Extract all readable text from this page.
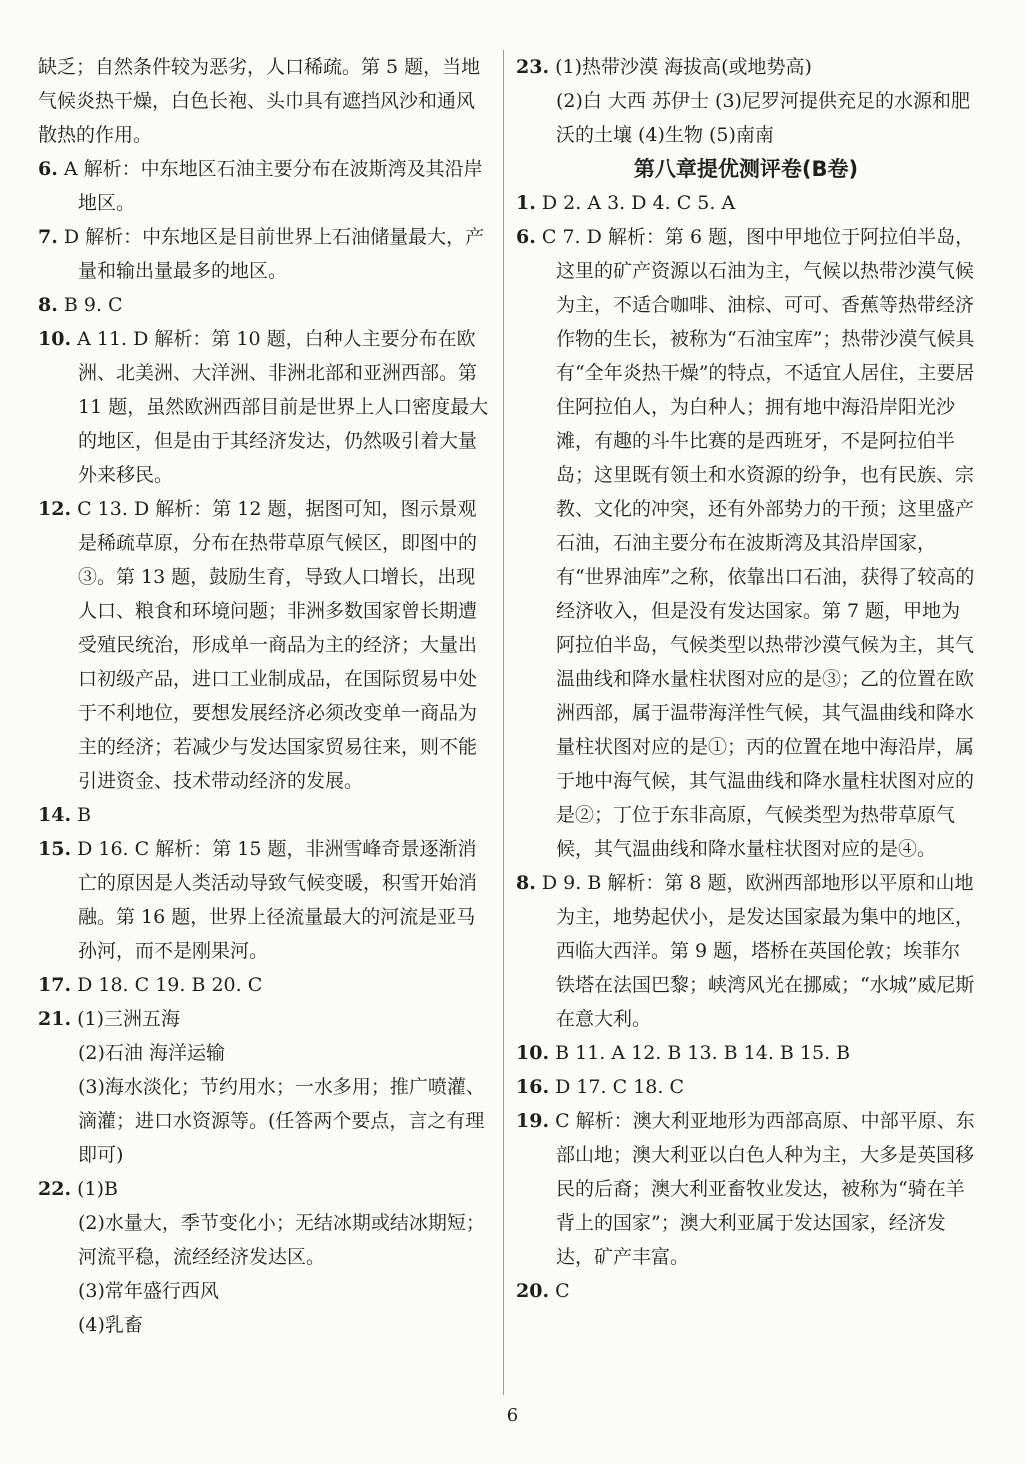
缺乏；自然条件较为恶劣，人口稀疏。第 5 题，当地气候炎热干燥，白色长袍、头巾具有遮挡风沙和通风散热的作用。

6. A 解析：中东地区石油主要分布在波斯湾及其沿岸地区。

7. D 解析：中东地区是目前世界上石油储量最大，产量和输出量最多的地区。

8. B 9. C

10. A 11. D 解析：第 10 题，白种人主要分布在欧洲、北美洲、大洋洲、非洲北部和亚洲西部。第 11 题，虽然欧洲西部目前是世界上人口密度最大的地区，但是由于其经济发达，仍然吸引着大量外来移民。

12. C 13. D 解析：第 12 题，据图可知，图示景观是稀疏草原，分布在热带草原气候区，即图中的③。第 13 题，鼓励生育，导致人口增长，出现人口、粮食和环境问题；非洲多数国家曾长期遭受殖民统治，形成单一商品为主的经济；大量出口初级产品，进口工业制成品，在国际贸易中处于不利地位，要想发展经济必须改变单一商品为主的经济；若减少与发达国家贸易往来，则不能引进资金、技术带动经济的发展。

14. B

15. D 16. C 解析：第 15 题，非洲雪峰奇景逐渐消亡的原因是人类活动导致气候变暖，积雪开始消融。第 16 题，世界上径流量最大的河流是亚马孙河，而不是刚果河。

17. D 18. C 19. B 20. C

21. (1)三洲五海

(2)石油 海洋运输

(3)海水淡化；节约用水；一水多用；推广喷灌、滴灌；进口水资源等。(任答两个要点，言之有理即可)

22. (1)B

(2)水量大，季节变化小；无结冰期或结冰期短；河流平稳，流经经济发达区。

(3)常年盛行西风

(4)乳畜

23. (1)热带沙漠 海拔高(或地势高)

(2)白 大西 苏伊士 (3)尼罗河提供充足的水源和肥沃的土壤 (4)生物 (5)南南

第八章提优测评卷(B卷)

1. D 2. A 3. D 4. C 5. A

6. C 7. D 解析：第 6 题，图中甲地位于阿拉伯半岛，这里的矿产资源以石油为主，气候以热带沙漠气候为主，不适合咖啡、油棕、可可、香蕉等热带经济作物的生长，被称为“石油宝库”；热带沙漠气候具有“全年炎热干燥”的特点，不适宜人居住，主要居住阿拉伯人，为白种人；拥有地中海沿岸阳光沙滩，有趣的斗牛比赛的是西班牙，不是阿拉伯半岛；这里既有领土和水资源的纷争，也有民族、宗教、文化的冲突，还有外部势力的干预；这里盛产石油，石油主要分布在波斯湾及其沿岸国家，有“世界油库”之称，依靠出口石油，获得了较高的经济收入，但是没有发达国家。第 7 题，甲地为阿拉伯半岛，气候类型以热带沙漠气候为主，其气温曲线和降水量柱状图对应的是③；乙的位置在欧洲西部，属于温带海洋性气候，其气温曲线和降水量柱状图对应的是①；丙的位置在地中海沿岸，属于地中海气候，其气温曲线和降水量柱状图对应的是②；丁位于东非高原，气候类型为热带草原气候，其气温曲线和降水量柱状图对应的是④。

8. D 9. B 解析：第 8 题，欧洲西部地形以平原和山地为主，地势起伏小，是发达国家最为集中的地区，西临大西洋。第 9 题，塔桥在英国伦敦；埃菲尔铁塔在法国巴黎；峡湾风光在挪威；“水城”威尼斯在意大利。

10. B 11. A 12. B 13. B 14. B 15. B

16. D 17. C 18. C

19. C 解析：澳大利亚地形为西部高原、中部平原、东部山地；澳大利亚以白色人种为主，大多是英国移民的后裔；澳大利亚畜牧业发达，被称为“骑在羊背上的国家”；澳大利亚属于发达国家，经济发达，矿产丰富。

20. C

6
